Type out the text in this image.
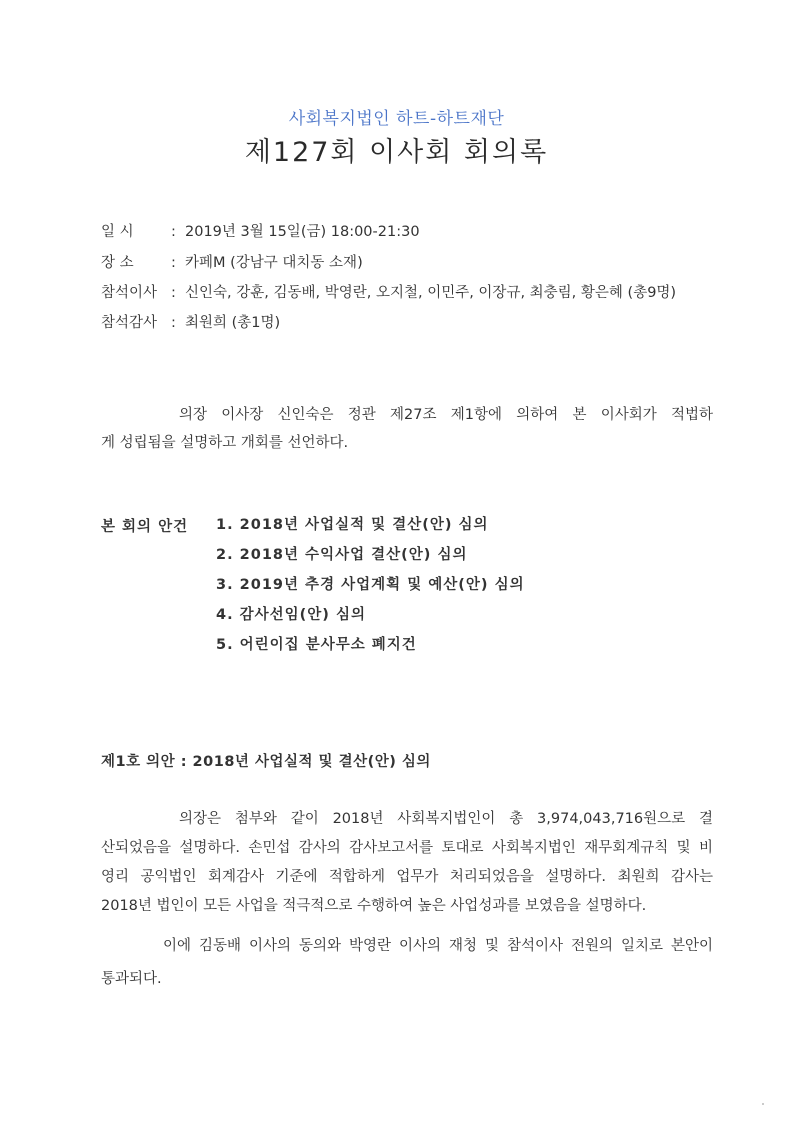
사회복지법인 하트-하트재단
제127회 이사회 회의록
일 시	: 2019년 3월 15일(금) 18:00-21:30
장 소	: 카페M (강남구 대치동 소재)
참석이사 : 신인숙, 강훈, 김동배, 박영란, 오지철, 이민주, 이장규, 최충림, 황은혜 (총9명)
참석감사 : 최원희 (총1명)

의장 이사장 신인숙은 정관 제27조 제1항에 의하여 본 이사회가 적법하

게 성립됨을 설명하고 개회를 선언하다.

본 회의 안건 1. 2018년 사업실적 및 결산(안) 심의
2. 2018년 수익사업 결산(안) 심의
3. 2019년 추경 사업계획 및 예산(안) 심의
4. 감사선임(안) 심의
5. 어린이집 분사무소 폐지건
제1호 의안 : 2018년 사업실적 및 결산(안) 심의

의장은 첨부와 같이 2018년 사회복지법인이 총 3,974,043,716원으로 결

산되었음을 설명하다. 손민섭 감사의 감사보고서를 토대로 사회복지법인 재무회계규칙 및 비

영리 공익법인 회계감사 기준에 적합하게 업무가 처리되었음을 설명하다. 최원희 감사는

2018년 법인이 모든 사업을 적극적으로 수행하여 높은 사업성과를 보였음을 설명하다.

이에 김동배 이사의 동의와 박영란 이사의 재청 및 참석이사 전원의 일치로 본안이

통과되다.
